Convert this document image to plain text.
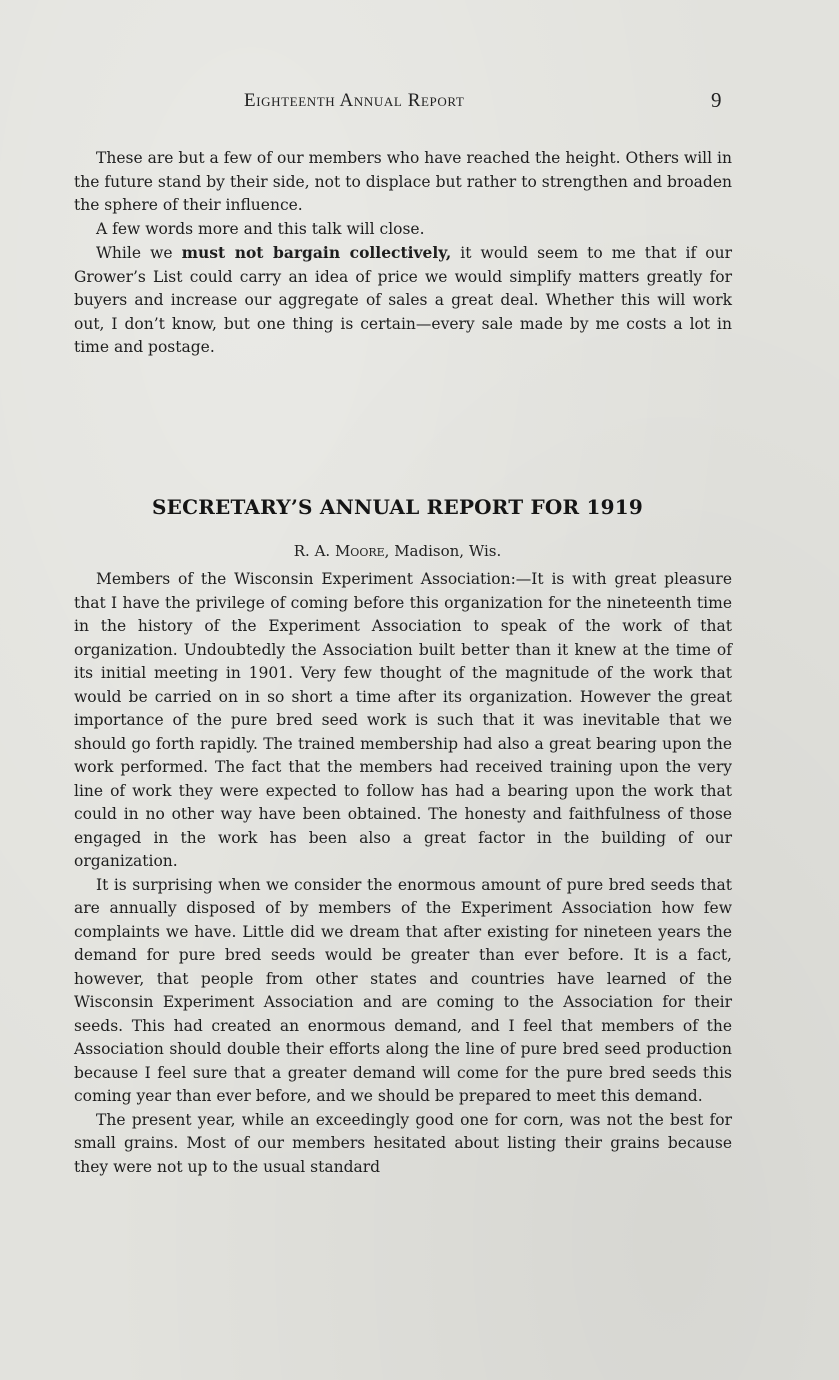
Eighteenth Annual Report	9

These are but a few of our members who have reached the height. Others will in the future stand by their side, not to displace but rather to strengthen and broaden the sphere of their influence.

A few words more and this talk will close.

While we must not bargain collectively, it would seem to me that if our Grower’s List could carry an idea of price we would simplify matters greatly for buyers and increase our aggregate of sales a great deal. Whether this will work out, I don’t know, but one thing is certain—every sale made by me costs a lot in time and postage.

SECRETARY’S ANNUAL REPORT FOR 1919
R. A. Moore, Madison, Wis.

Members of the Wisconsin Experiment Association:—It is with great pleasure that I have the privilege of coming before this organization for the nineteenth time in the history of the Experiment Association to speak of the work of that organization. Undoubtedly the Association built better than it knew at the time of its initial meeting in 1901. Very few thought of the magnitude of the work that would be carried on in so short a time after its organization. However the great importance of the pure bred seed work is such that it was inevitable that we should go forth rapidly. The trained membership had also a great bearing upon the work performed. The fact that the members had received training upon the very line of work they were expected to follow has had a bearing upon the work that could in no other way have been obtained. The honesty and faithfulness of those engaged in the work has been also a great factor in the building of our organization.

It is surprising when we consider the enormous amount of pure bred seeds that are annually disposed of by members of the Experiment Association how few complaints we have. Little did we dream that after existing for nineteen years the demand for pure bred seeds would be greater than ever before. It is a fact, however, that people from other states and countries have learned of the Wisconsin Experiment Association and are coming to the Association for their seeds. This had created an enormous demand, and I feel that members of the Association should double their efforts along the line of pure bred seed production because I feel sure that a greater demand will come for the pure bred seeds this coming year than ever before, and we should be prepared to meet this demand.

The present year, while an exceedingly good one for corn, was not the best for small grains. Most of our members hesitated about listing their grains because they were not up to the usual standard
